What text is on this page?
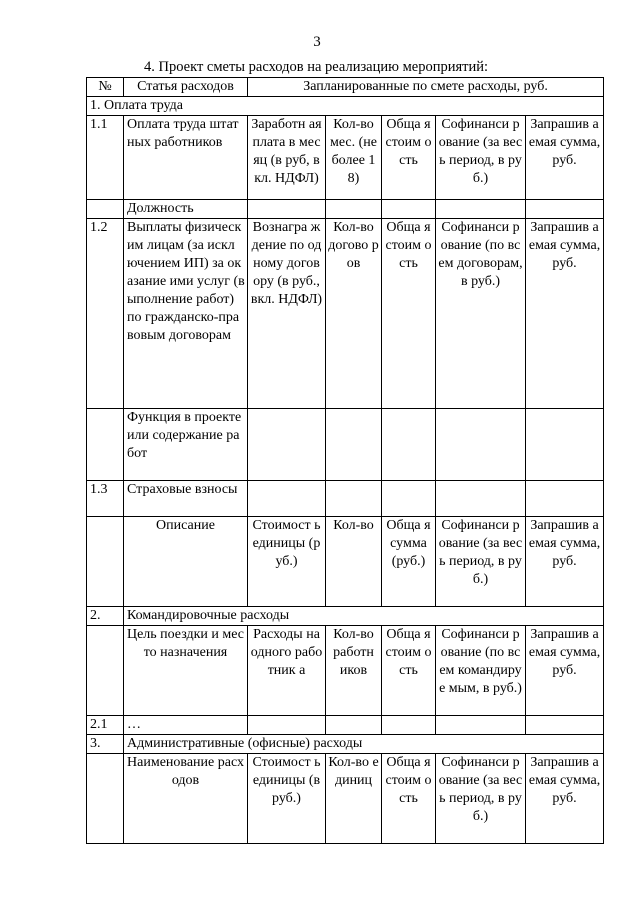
3
4. Проект сметы расходов на реализацию мероприятий:
№	Статья расходов	Запланированные по смете расходы, руб.				
1. Оплата труда						
1.1	Оплата труда штатных работников	Заработн ая плата в месяц (в руб, вкл. НДФЛ)	Кол-во мес. (не более 18)	Обща я стоим ость	Софинанси рование (за весь период, в руб.)	Запрашив аемая сумма, руб.
	Должность					
1.2	Выплаты физическим лицам (за исключением ИП) за оказание ими услуг (выполнение работ) по гражданско-правовым договорам	Вознагра ждение по одному договору (в руб., вкл. НДФЛ)	Кол-во догово ров	Обща я стоим ость	Софинанси рование (по всем договорам, в руб.)	Запрашив аемая сумма, руб.
	Функция в проекте или содержание работ					
1.3	Страховые взносы					
	Описание	Стоимост ь единицы (руб.)	Кол-во	Обща я сумма (руб.)	Софинанси рование (за весь период, в руб.)	Запрашив аемая сумма, руб.
2.	Командировочные расходы					
	Цель поездки и место назначения	Расходы на одного работник а	Кол-во работн иков	Обща я стоим ость	Софинанси рование (по всем командируе мым, в руб.)	Запрашив аемая сумма, руб.
2.1	…					
3.	Административные (офисные) расходы					
	Наименование расходов	Стоимост ь единицы (в руб.)	Кол-во единиц	Обща я стоим ость	Софинанси рование (за весь период, в руб.)	Запрашив аемая сумма, руб.
